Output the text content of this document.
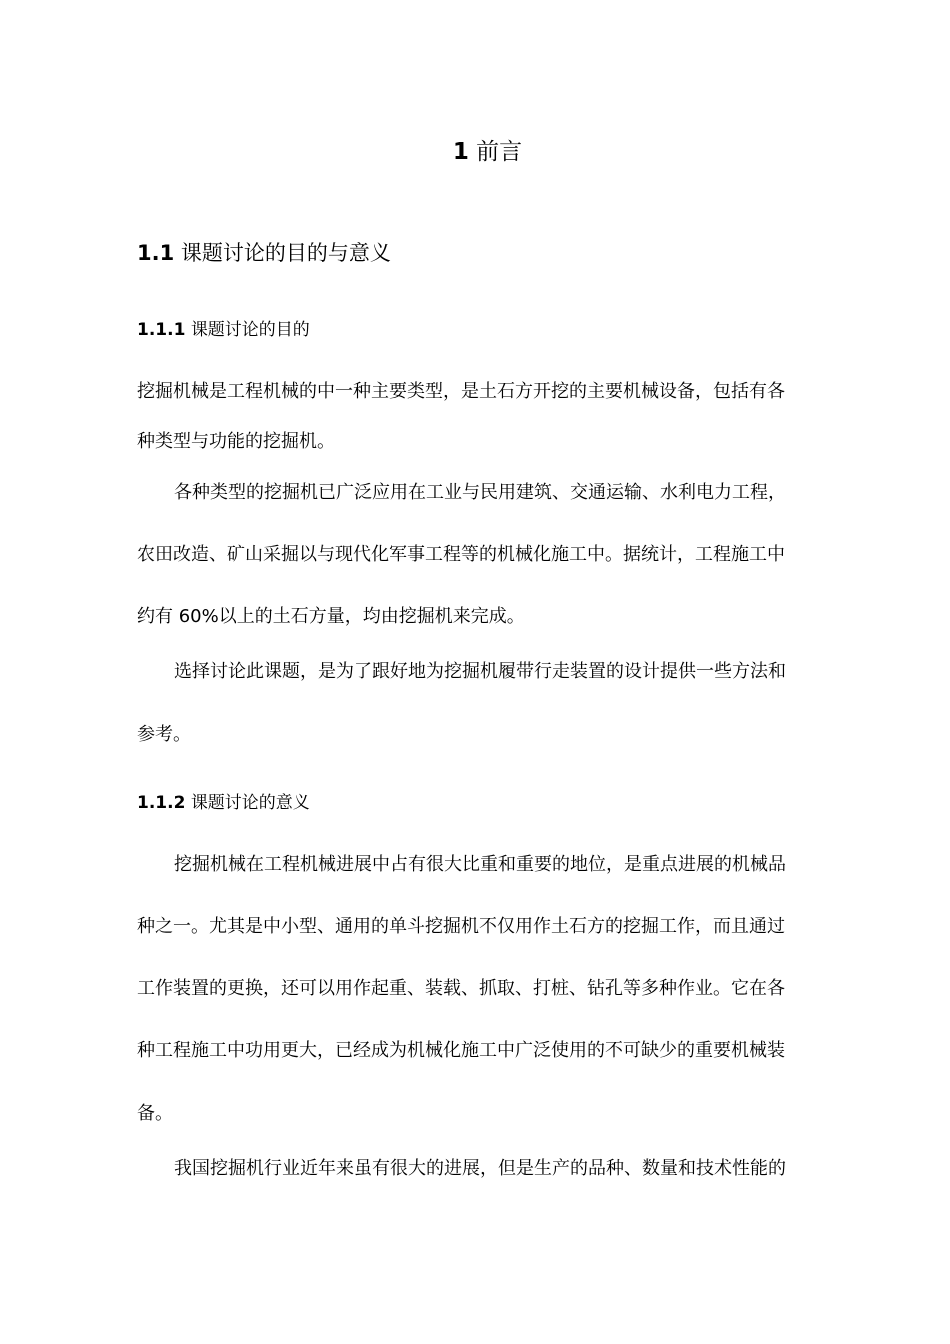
1 前言
1.1 课题讨论的目的与意义
1.1.1 课题讨论的目的
挖掘机械是工程机械的中一种主要类型，是土石方开挖的主要机械设备，包括有各
种类型与功能的挖掘机。
各种类型的挖掘机已广泛应用在工业与民用建筑、交通运输、水利电力工程，
农田改造、矿山采掘以与现代化军事工程等的机械化施工中。据统计，工程施工中
约有 60%以上的土石方量，均由挖掘机来完成。
选择讨论此课题，是为了跟好地为挖掘机履带行走装置的设计提供一些方法和
参考。
1.1.2 课题讨论的意义
挖掘机械在工程机械进展中占有很大比重和重要的地位，是重点进展的机械品
种之一。尤其是中小型、通用的单斗挖掘机不仅用作土石方的挖掘工作，而且通过
工作装置的更换，还可以用作起重、装载、抓取、打桩、钻孔等多种作业。它在各
种工程施工中功用更大，已经成为机械化施工中广泛使用的不可缺少的重要机械装
备。
我国挖掘机行业近年来虽有很大的进展，但是生产的品种、数量和技术性能的
